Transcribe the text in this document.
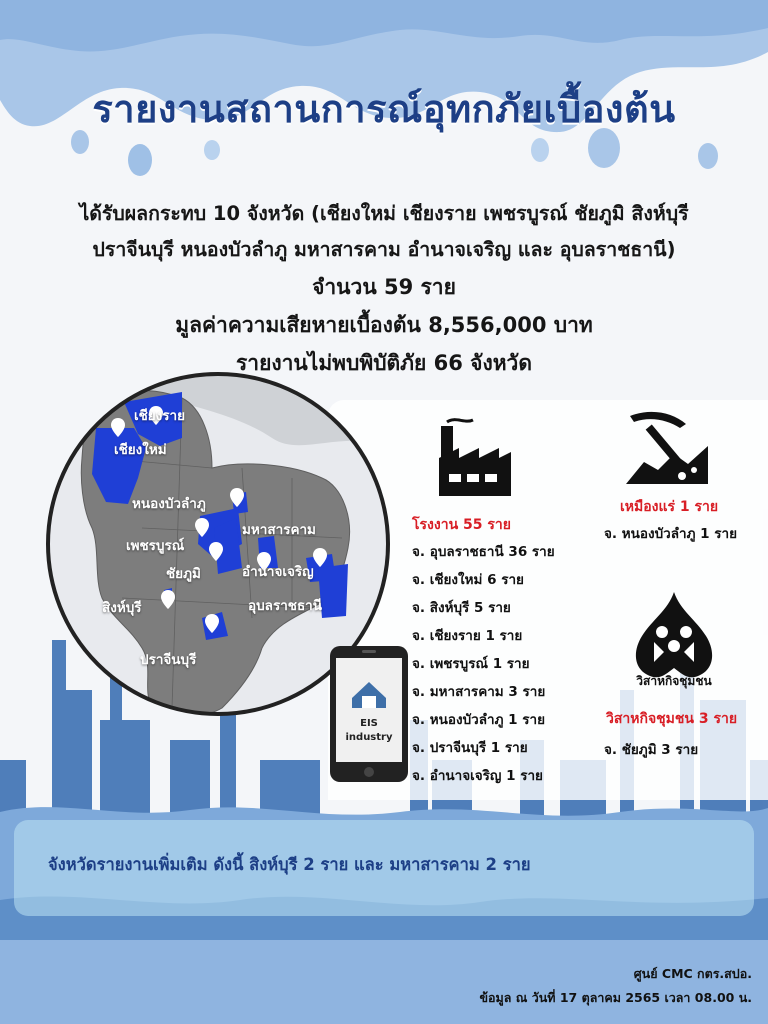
รายงานสถานการณ์อุทกภัยเบื้องต้น
ได้รับผลกระทบ 10 จังหวัด (เชียงใหม่ เชียงราย เพชรบูรณ์ ชัยภูมิ สิงห์บุรี
ปราจีนบุรี หนองบัวลำภู มหาสารคาม อำนาจเจริญ และ อุบลราชธานี)
จำนวน 59 ราย
มูลค่าความเสียหายเบื้องต้น 8,556,000 บาท
รายงานไม่พบพิบัติภัย 66 จังหวัด
เชียงราย
เชียงใหม่
หนองบัวลำภู
มหาสารคาม
เพชรบูรณ์
ชัยภูมิ	อำนาจเจริญ
อุบลราชธานี
สิงห์บุรี
ปราจีนบุรี
วิสาหกิจชุมชน
EIS
industry
โรงงาน 55 ราย
จ. อุบลราชธานี 36 ราย
จ. เชียงใหม่ 6 ราย
จ. สิงห์บุรี 5 ราย
จ. เชียงราย 1 ราย
จ. เพชรบูรณ์ 1 ราย
จ. มหาสารคาม 3 ราย
จ. หนองบัวลำภู 1 ราย
จ. ปราจีนบุรี 1 ราย
จ. อำนาจเจริญ 1 ราย
เหมืองแร่ 1 ราย
จ. หนองบัวลำภู 1 ราย
วิสาหกิจชุมชน 3 ราย
จ. ชัยภูมิ 3 ราย
จังหวัดรายงานเพิ่มเติม ดังนี้ สิงห์บุรี 2 ราย และ มหาสารคาม 2 ราย
ศูนย์ CMC กตร.สปอ.
ข้อมูล ณ วันที่ 17 ตุลาคม 2565 เวลา 08.00 น.
